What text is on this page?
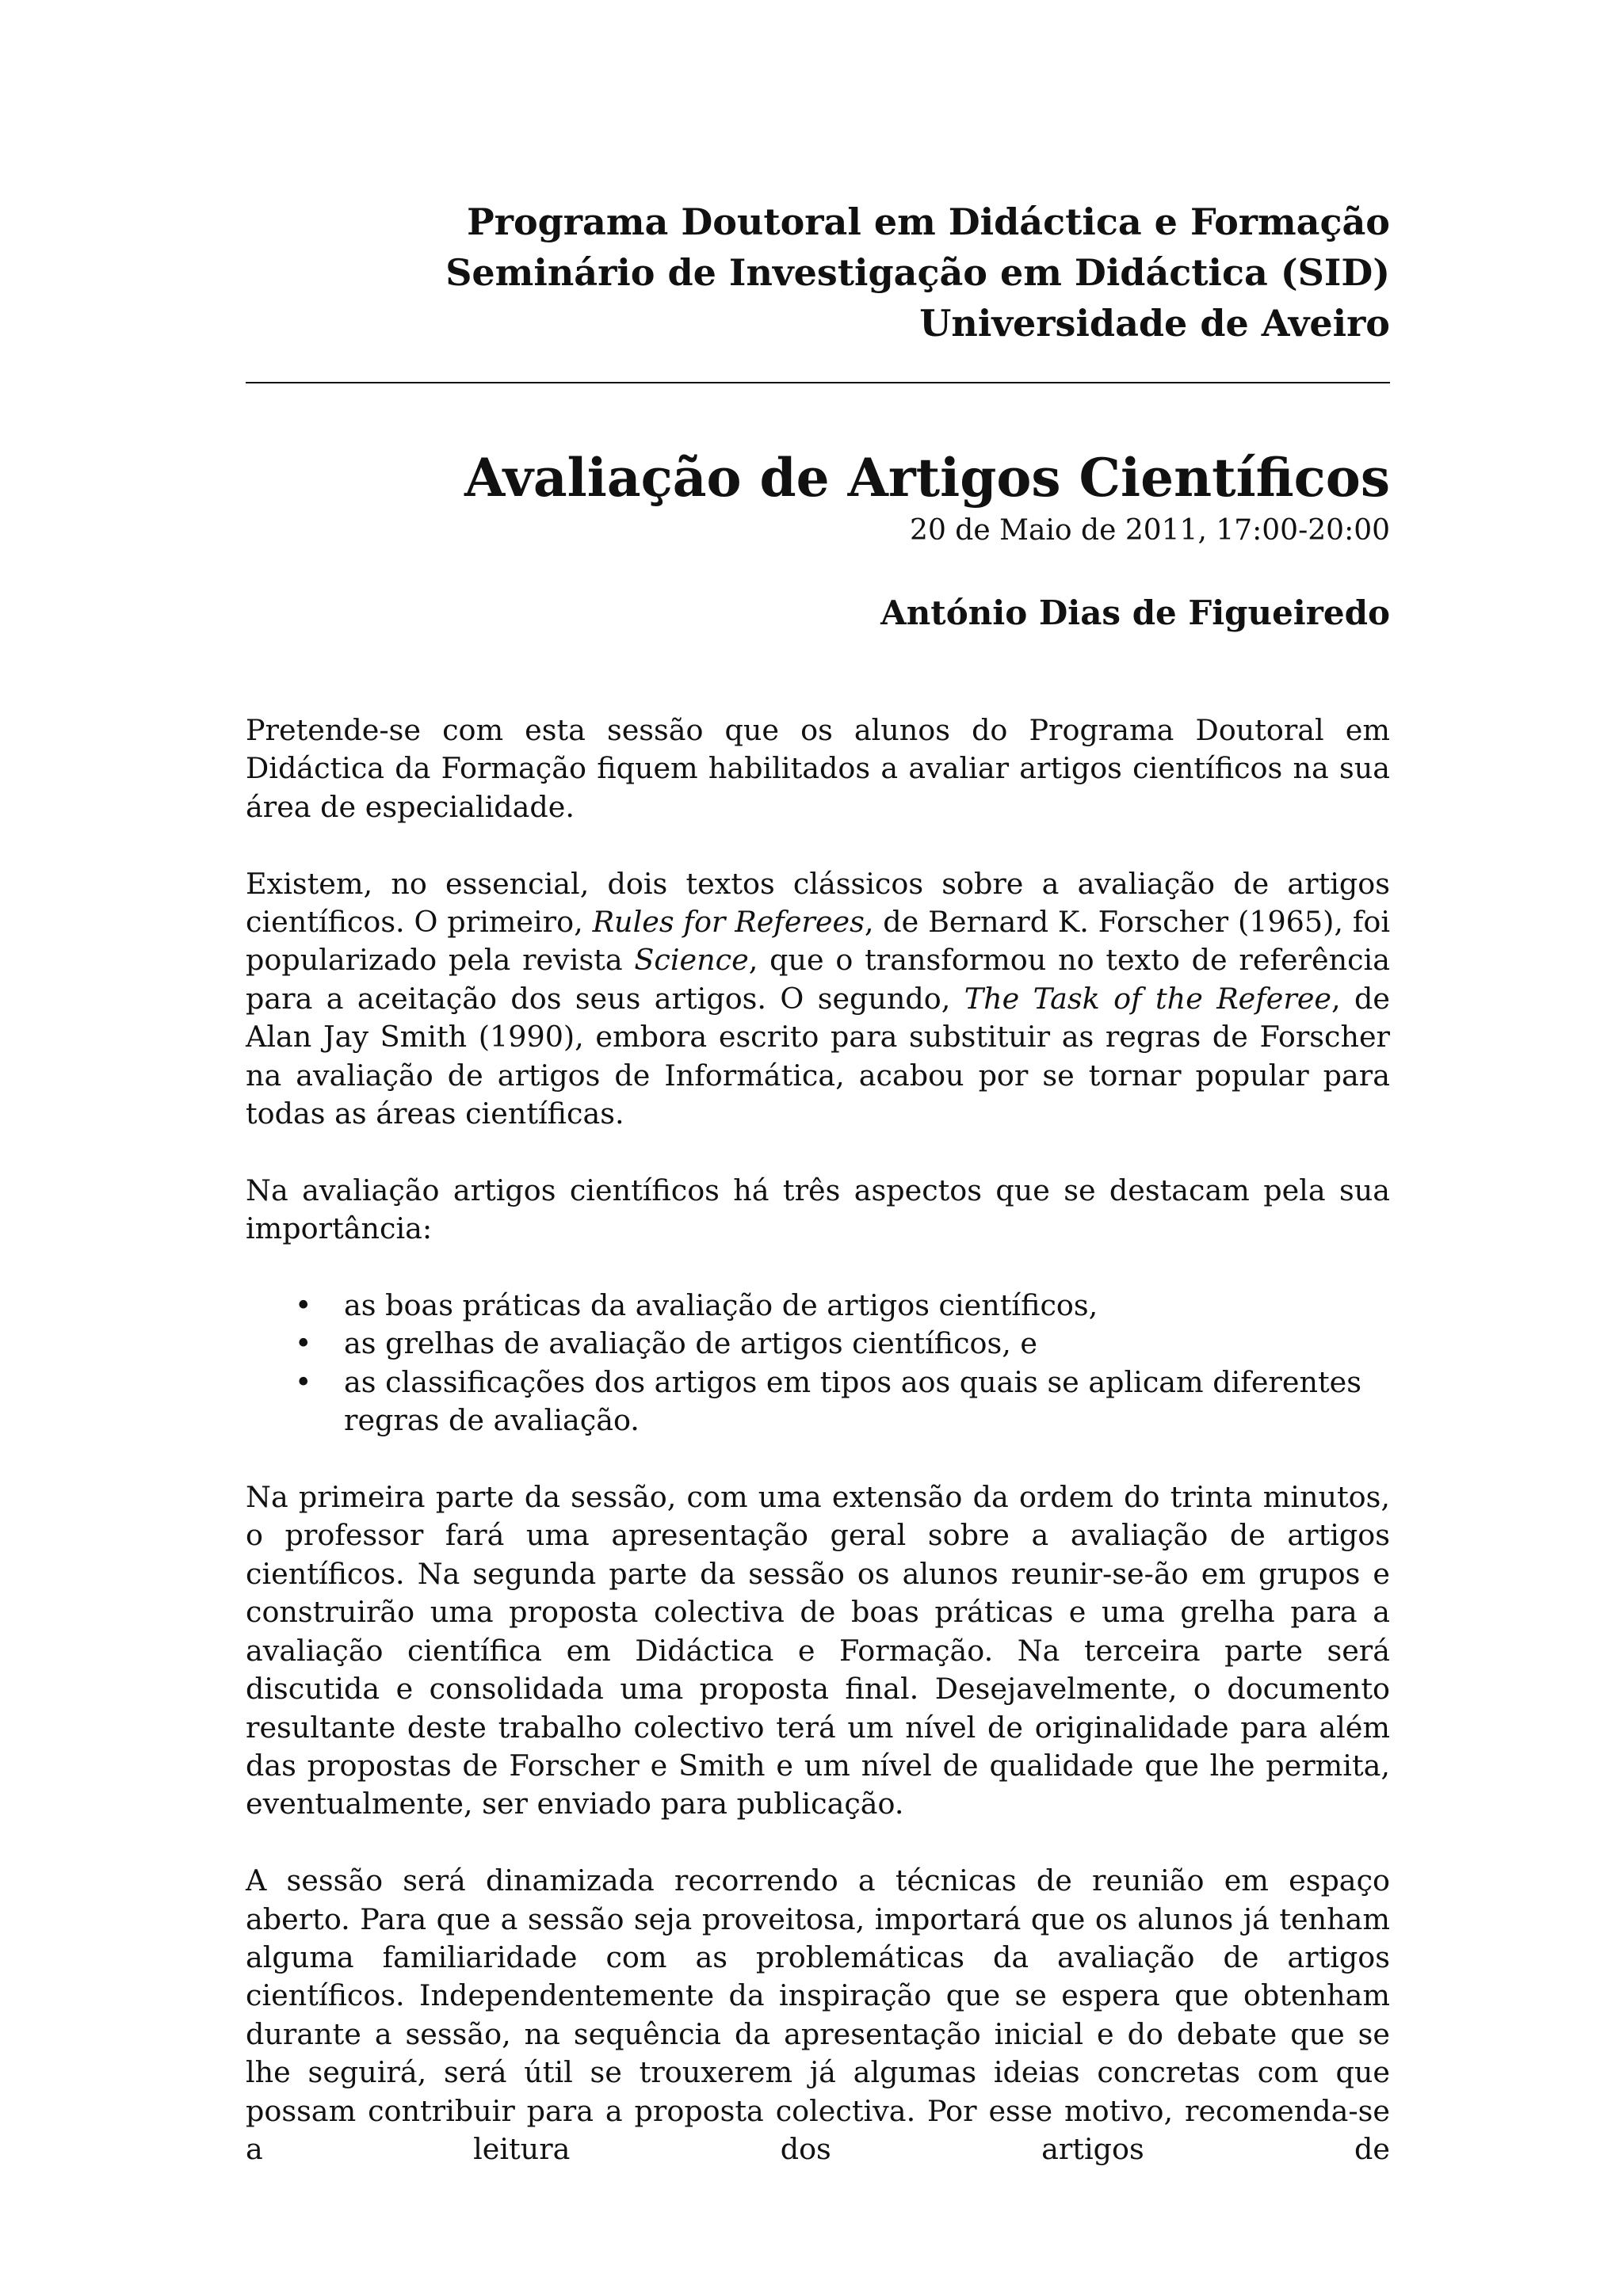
Programa Doutoral em Didáctica e Formação
Seminário de Investigação em Didáctica (SID)
Universidade de Aveiro
Avaliação de Artigos Científicos
20 de Maio de 2011, 17:00-20:00
António Dias de Figueiredo

Pretende-se com esta sessão que os alunos do Programa Doutoral em Didáctica da Formação fiquem habilitados a avaliar artigos científicos na sua área de especialidade.

Existem, no essencial, dois textos clássicos sobre a avaliação de artigos científicos. O primeiro, Rules for Referees, de Bernard K. Forscher (1965), foi popularizado pela revista Science, que o transformou no texto de referência para a aceitação dos seus artigos. O segundo, The Task of the Referee, de Alan Jay Smith (1990), embora escrito para substituir as regras de Forscher na avaliação de artigos de Informática, acabou por se tornar popular para todas as áreas científicas.

Na avaliação artigos científicos há três aspectos que se destacam pela sua importância:

• as boas práticas da avaliação de artigos científicos,
• as grelhas de avaliação de artigos científicos, e
• as classificações dos artigos em tipos aos quais se aplicam diferentes regras de avaliação.

Na primeira parte da sessão, com uma extensão da ordem do trinta minutos, o professor fará uma apresentação geral sobre a avaliação de artigos científicos. Na segunda parte da sessão os alunos reunir-se-ão em grupos e construirão uma proposta colectiva de boas práticas e uma grelha para a avaliação científica em Didáctica e Formação. Na terceira parte será discutida e consolidada uma proposta final. Desejavelmente, o documento resultante deste trabalho colectivo terá um nível de originalidade para além das propostas de Forscher e Smith e um nível de qualidade que lhe permita, eventualmente, ser enviado para publicação.

A sessão será dinamizada recorrendo a técnicas de reunião em espaço aberto. Para que a sessão seja proveitosa, importará que os alunos já tenham alguma familiaridade com as problemáticas da avaliação de artigos científicos. Independentemente da inspiração que se espera que obtenham durante a sessão, na sequência da apresentação inicial e do debate que se lhe seguirá, será útil se trouxerem já algumas ideias concretas com que possam contribuir para a proposta colectiva. Por esse motivo, recomenda-se a leitura dos artigos de
